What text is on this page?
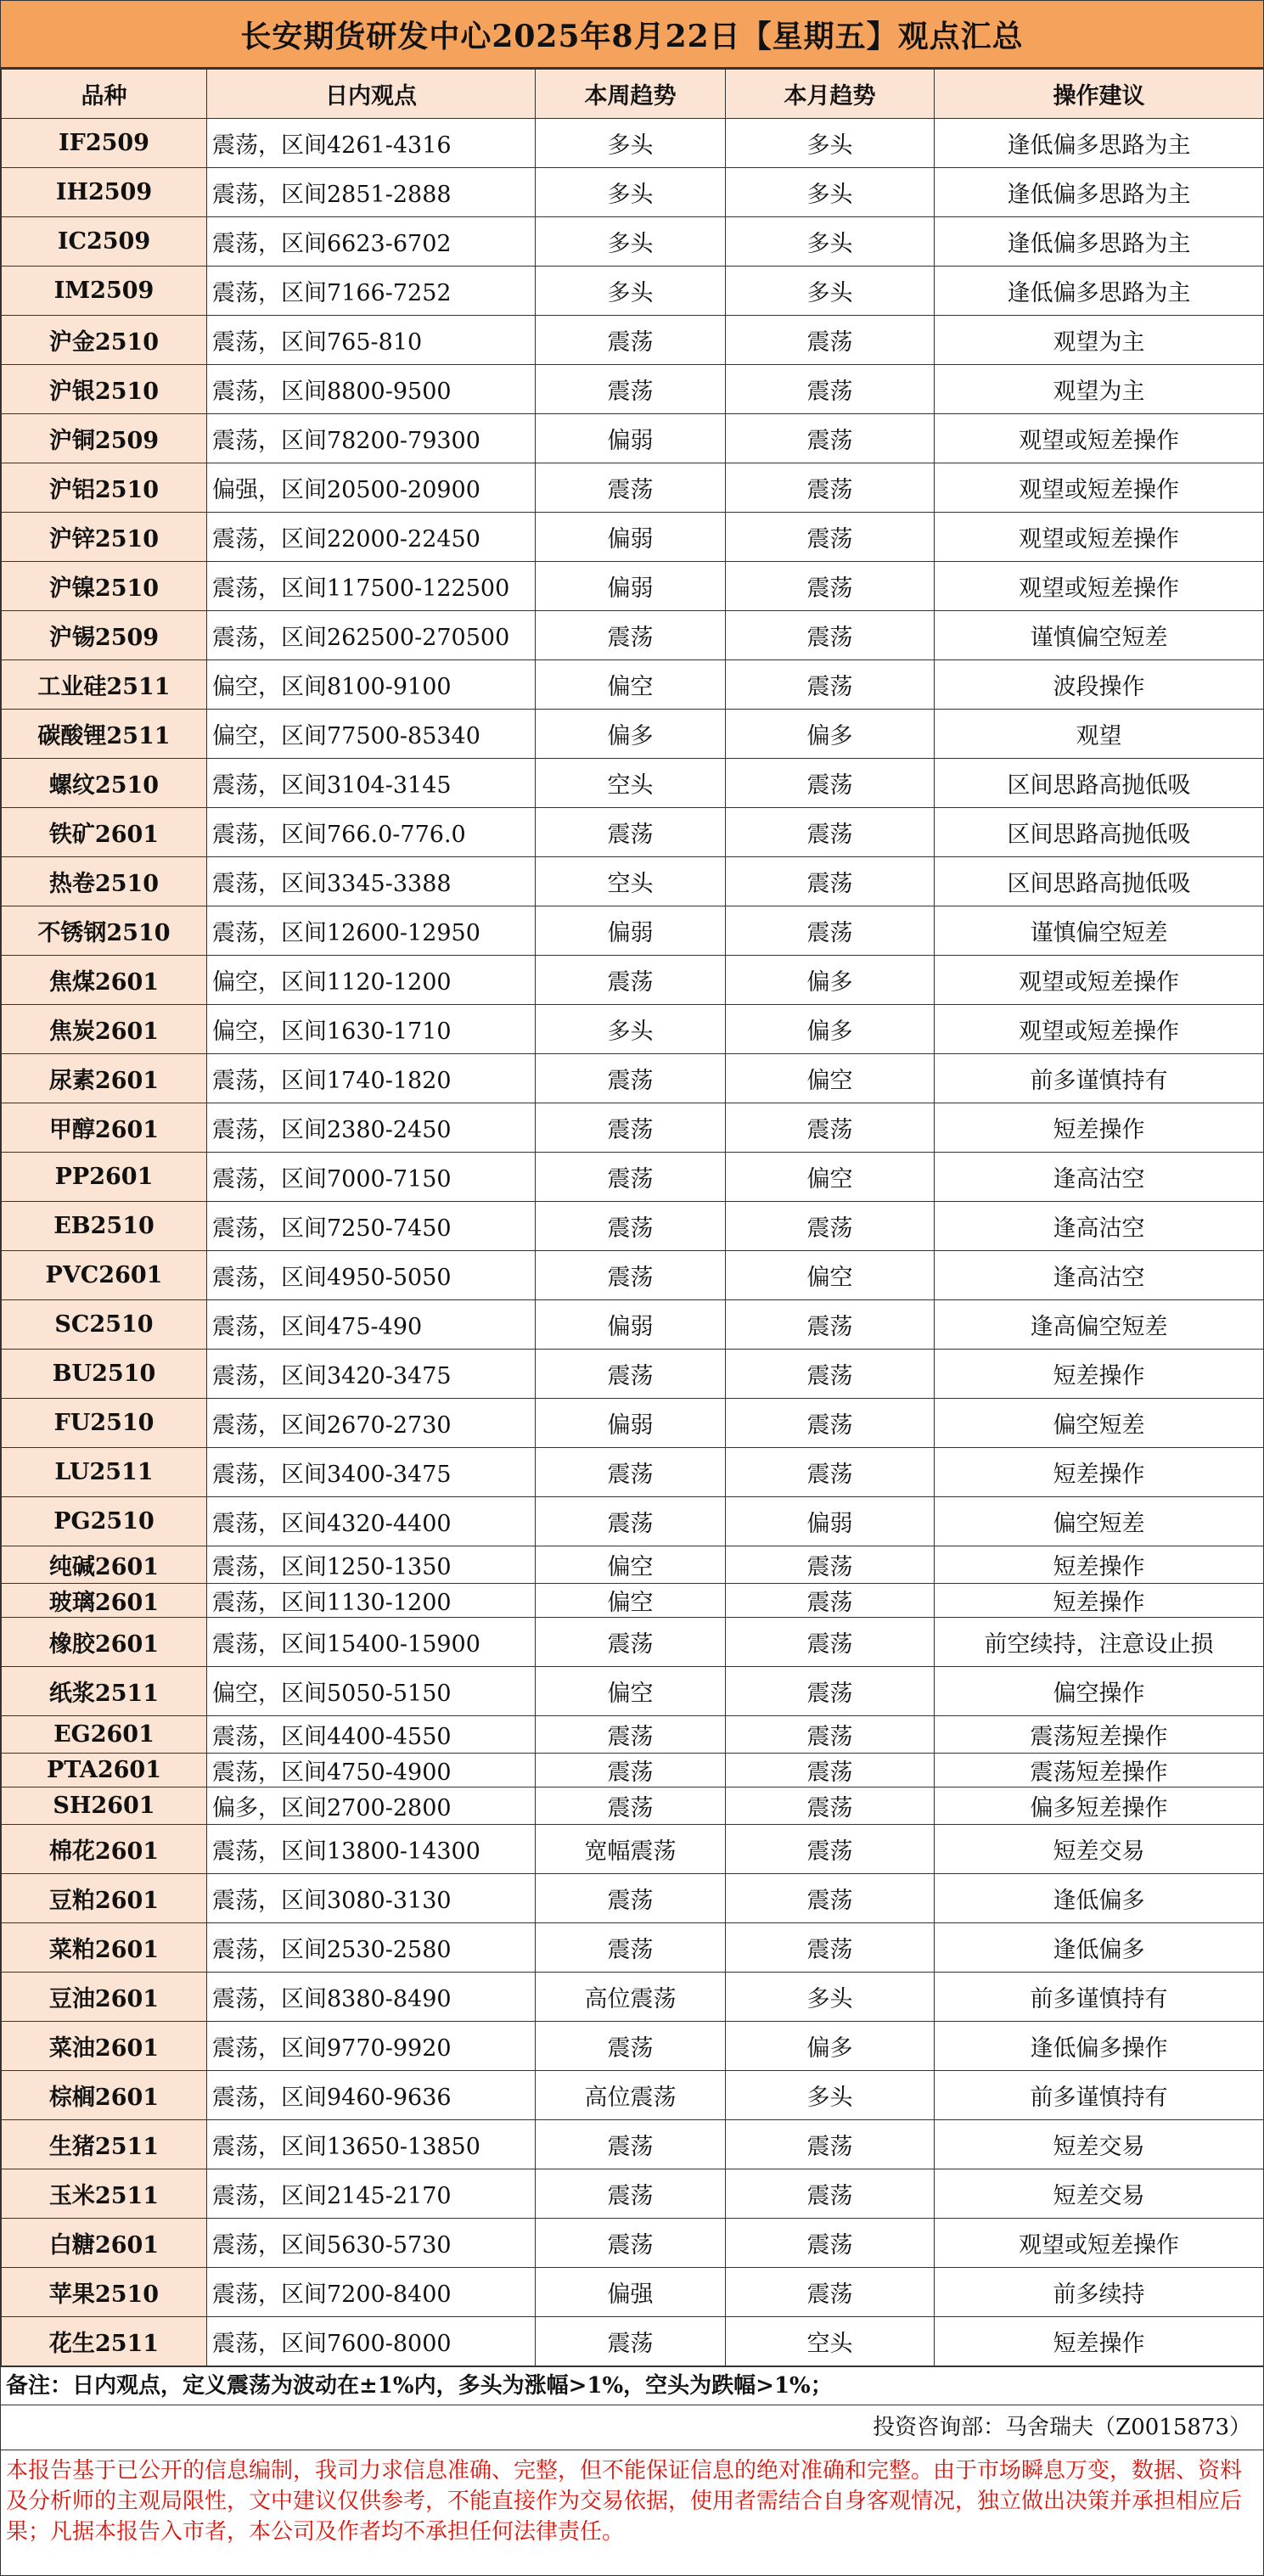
长安期货研发中心2025年8月22日【星期五】观点汇总
品种	日内观点	本周趋势	本月趋势	操作建议
IF2509	震荡，区间4261-4316	多头	多头	逢低偏多思路为主
IH2509	震荡，区间2851-2888	多头	多头	逢低偏多思路为主
IC2509	震荡，区间6623-6702	多头	多头	逢低偏多思路为主
IM2509	震荡，区间7166-7252	多头	多头	逢低偏多思路为主
沪金2510	震荡，区间765-810	震荡	震荡	观望为主
沪银2510	震荡，区间8800-9500	震荡	震荡	观望为主
沪铜2509	震荡，区间78200-79300	偏弱	震荡	观望或短差操作
沪铝2510	偏强，区间20500-20900	震荡	震荡	观望或短差操作
沪锌2510	震荡，区间22000-22450	偏弱	震荡	观望或短差操作
沪镍2510	震荡，区间117500-122500	偏弱	震荡	观望或短差操作
沪锡2509	震荡，区间262500-270500	震荡	震荡	谨慎偏空短差
工业硅2511	偏空，区间8100-9100	偏空	震荡	波段操作
碳酸锂2511	偏空，区间77500-85340	偏多	偏多	观望
螺纹2510	震荡，区间3104-3145	空头	震荡	区间思路高抛低吸
铁矿2601	震荡，区间766.0-776.0	震荡	震荡	区间思路高抛低吸
热卷2510	震荡，区间3345-3388	空头	震荡	区间思路高抛低吸
不锈钢2510	震荡，区间12600-12950	偏弱	震荡	谨慎偏空短差
焦煤2601	偏空，区间1120-1200	震荡	偏多	观望或短差操作
焦炭2601	偏空，区间1630-1710	多头	偏多	观望或短差操作
尿素2601	震荡，区间1740-1820	震荡	偏空	前多谨慎持有
甲醇2601	震荡，区间2380-2450	震荡	震荡	短差操作
PP2601	震荡，区间7000-7150	震荡	偏空	逢高沽空
EB2510	震荡，区间7250-7450	震荡	震荡	逢高沽空
PVC2601	震荡，区间4950-5050	震荡	偏空	逢高沽空
SC2510	震荡，区间475-490	偏弱	震荡	逢高偏空短差
BU2510	震荡，区间3420-3475	震荡	震荡	短差操作
FU2510	震荡，区间2670-2730	偏弱	震荡	偏空短差
LU2511	震荡，区间3400-3475	震荡	震荡	短差操作
PG2510	震荡，区间4320-4400	震荡	偏弱	偏空短差
纯碱2601	震荡，区间1250-1350	偏空	震荡	短差操作
玻璃2601	震荡，区间1130-1200	偏空	震荡	短差操作
橡胶2601	震荡，区间15400-15900	震荡	震荡	前空续持，注意设止损
纸浆2511	偏空，区间5050-5150	偏空	震荡	偏空操作
EG2601	震荡，区间4400-4550	震荡	震荡	震荡短差操作
PTA2601	震荡，区间4750-4900	震荡	震荡	震荡短差操作
SH2601	偏多，区间2700-2800	震荡	震荡	偏多短差操作
棉花2601	震荡，区间13800-14300	宽幅震荡	震荡	短差交易
豆粕2601	震荡，区间3080-3130	震荡	震荡	逢低偏多
菜粕2601	震荡，区间2530-2580	震荡	震荡	逢低偏多
豆油2601	震荡，区间8380-8490	高位震荡	多头	前多谨慎持有
菜油2601	震荡，区间9770-9920	震荡	偏多	逢低偏多操作
棕榈2601	震荡，区间9460-9636	高位震荡	多头	前多谨慎持有
生猪2511	震荡，区间13650-13850	震荡	震荡	短差交易
玉米2511	震荡，区间2145-2170	震荡	震荡	短差交易
白糖2601	震荡，区间5630-5730	震荡	震荡	观望或短差操作
苹果2510	震荡，区间7200-8400	偏强	震荡	前多续持
花生2511	震荡，区间7600-8000	震荡	空头	短差操作
备注：日内观点，定义震荡为波动在±1%内，多头为涨幅>1%，空头为跌幅>1%；
投资咨询部：马舍瑞夫（Z0015873）
本报告基于已公开的信息编制，我司力求信息准确、完整，但不能保证信息的绝对准确和完整。由于市场瞬息万变，数据、资料及分析师的主观局限性，文中建议仅供参考，不能直接作为交易依据，使用者需结合自身客观情况，独立做出决策并承担相应后果；凡据本报告入市者，本公司及作者均不承担任何法律责任。
